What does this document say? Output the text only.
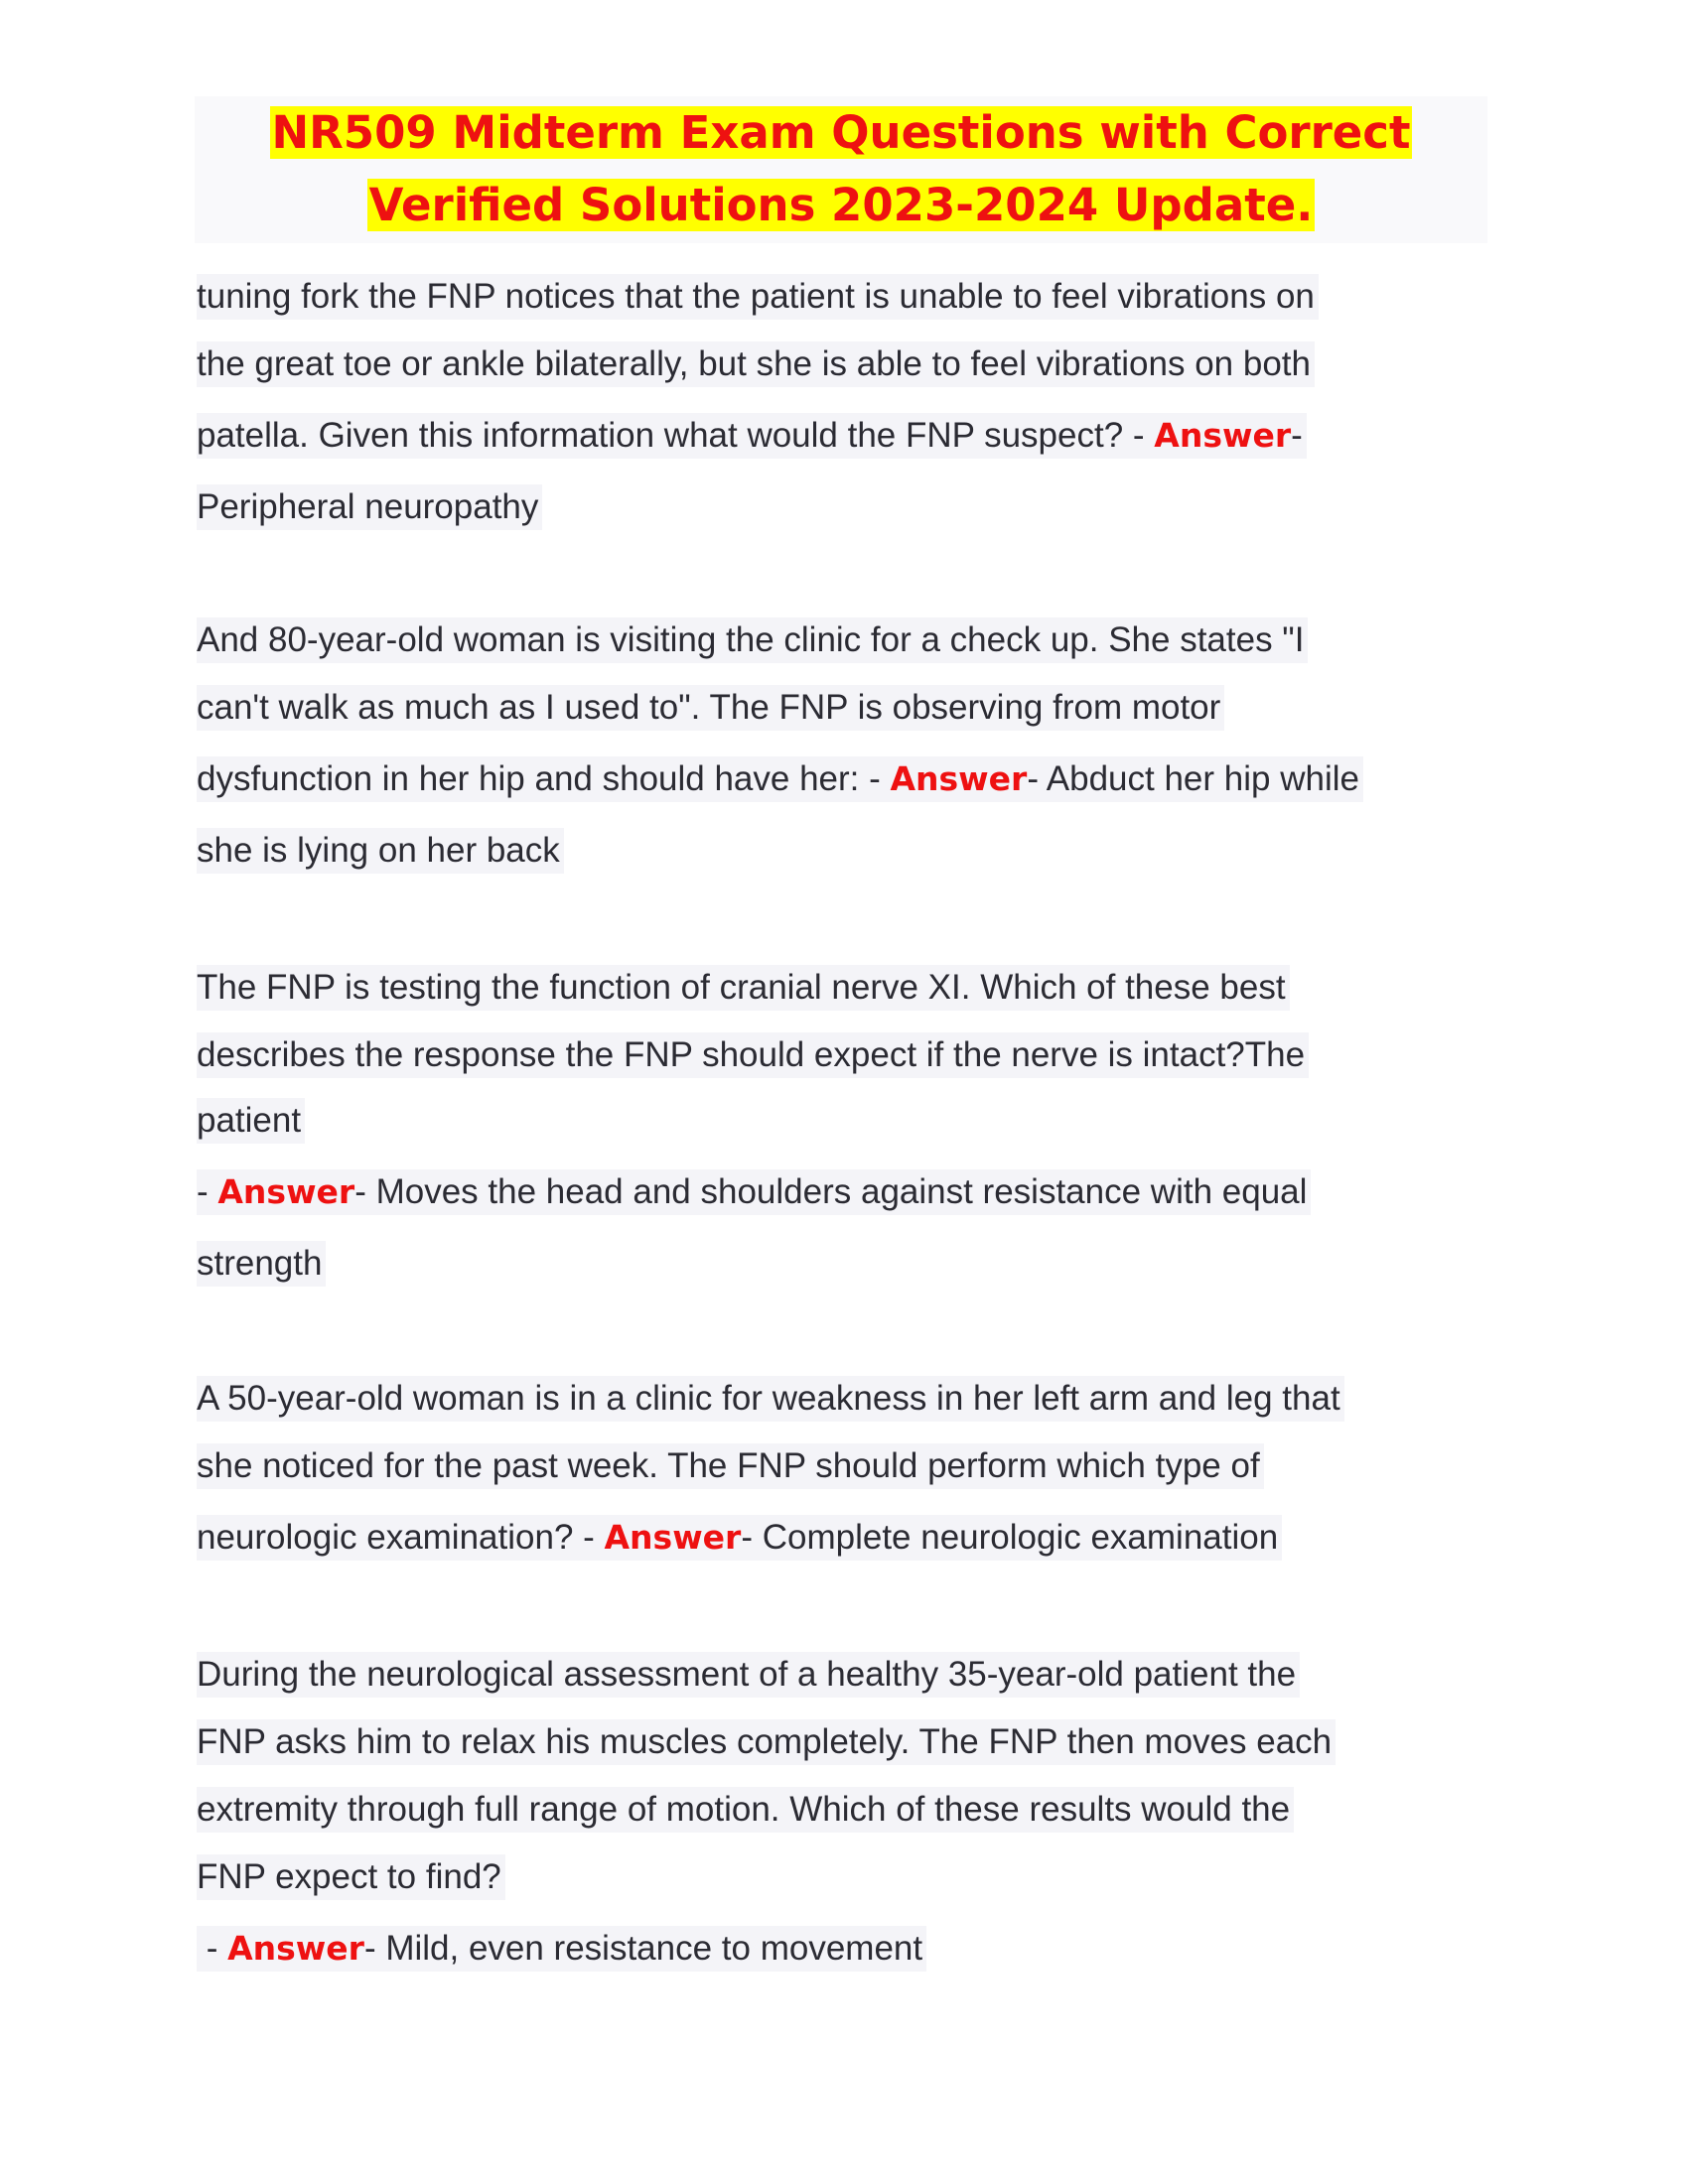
NR509 Midterm Exam Questions with Correct
Verified Solutions 2023-2024 Update.
tuning fork the FNP notices that the patient is unable to feel vibrations on
the great toe or ankle bilaterally, but she is able to feel vibrations on both
patella. Given this information what would the FNP suspect? - Answer-
Peripheral neuropathy
And 80-year-old woman is visiting the clinic for a check up. She states "I
can't walk as much as I used to". The FNP is observing from motor
dysfunction in her hip and should have her: - Answer- Abduct her hip while
she is lying on her back
The FNP is testing the function of cranial nerve XI. Which of these best
describes the response the FNP should expect if the nerve is intact?The
patient
- Answer- Moves the head and shoulders against resistance with equal
strength
A 50-year-old woman is in a clinic for weakness in her left arm and leg that
she noticed for the past week. The FNP should perform which type of
neurologic examination? - Answer- Complete neurologic examination
During the neurological assessment of a healthy 35-year-old patient the
FNP asks him to relax his muscles completely. The FNP then moves each
extremity through full range of motion. Which of these results would the
FNP expect to find?
- Answer- Mild, even resistance to movement
